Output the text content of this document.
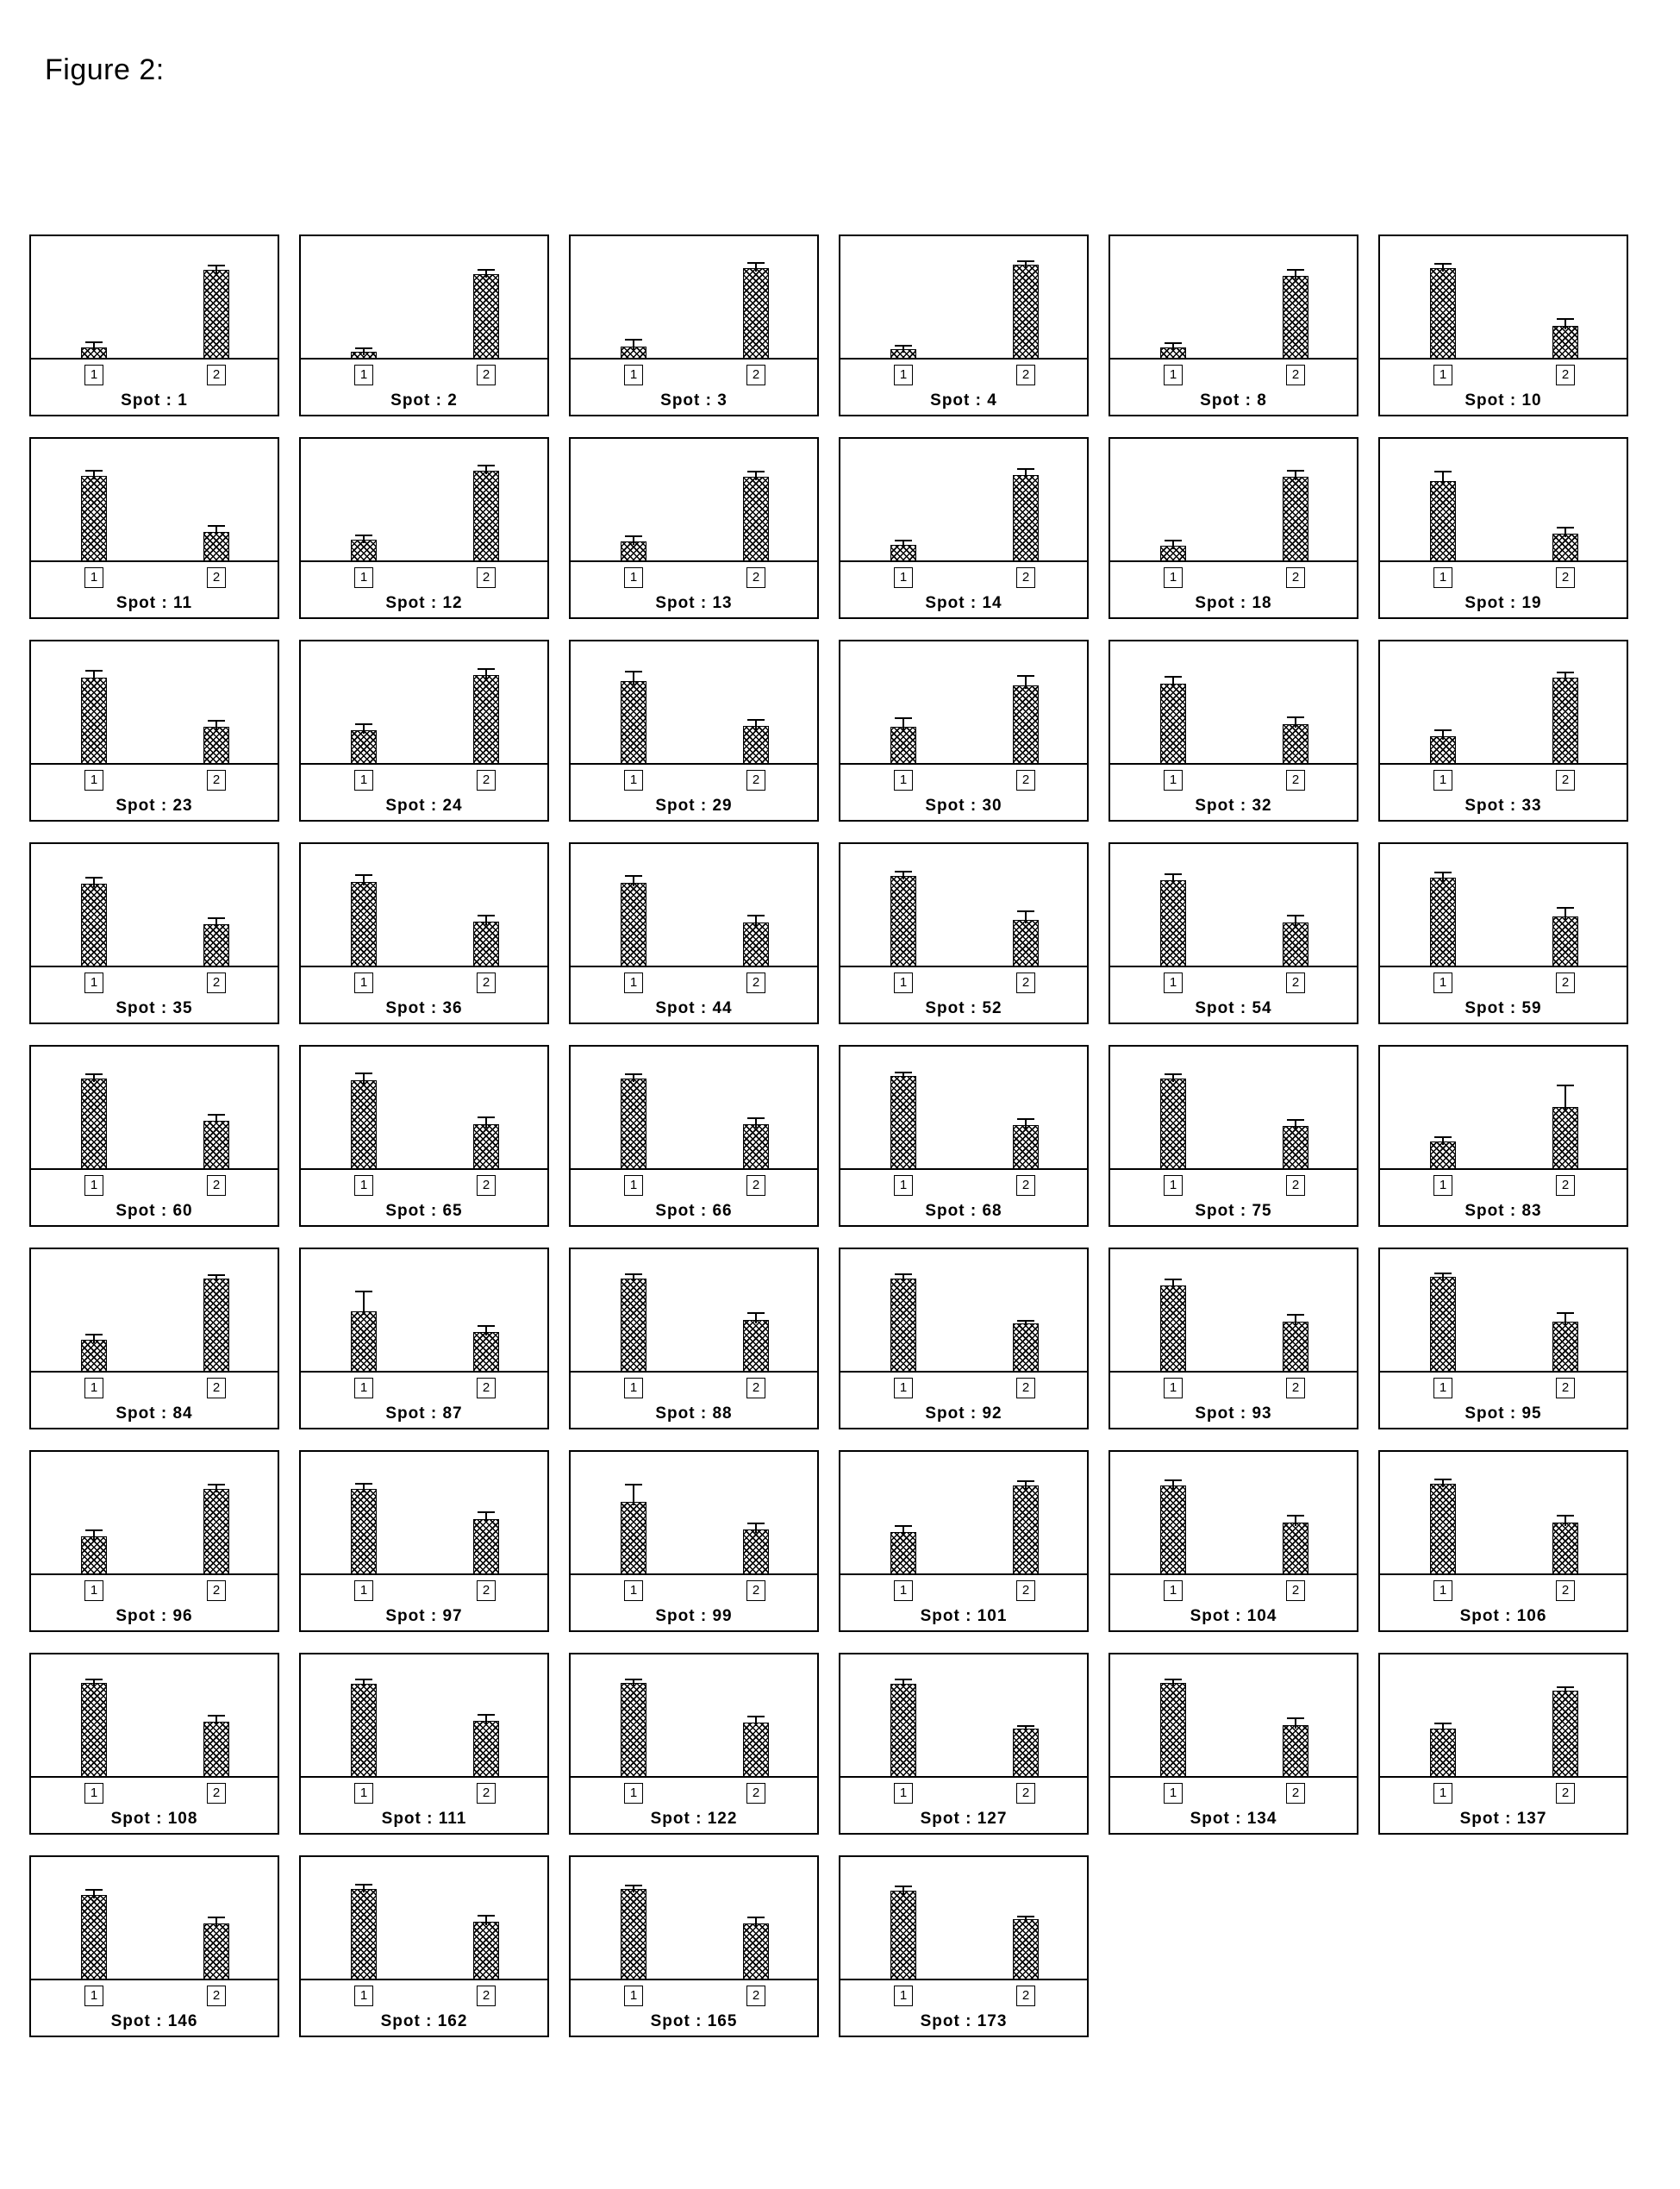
Figure 2:
1	2
Spot : 1
1	2
Spot : 2
1	2
Spot : 3
1	2
Spot : 4
1	2
Spot : 8
1	2
Spot : 10
1	2
Spot : 11
1	2
Spot : 12
1	2
Spot : 13
1	2
Spot : 14
1	2
Spot : 18
1	2
Spot : 19
1	2
Spot : 23
1	2
Spot : 24
1	2
Spot : 29
1	2
Spot : 30
1	2
Spot : 32
1	2
Spot : 33
1	2
Spot : 35
1	2
Spot : 36
1	2
Spot : 44
1	2
Spot : 52
1	2
Spot : 54
1	2
Spot : 59
1	2
Spot : 60
1	2
Spot : 65
1	2
Spot : 66
1	2
Spot : 68
1	2
Spot : 75
1	2
Spot : 83
1	2
Spot : 84
1	2
Spot : 87
1	2
Spot : 88
1	2
Spot : 92
1	2
Spot : 93
1	2
Spot : 95
1	2
Spot : 96
1	2
Spot : 97
1	2
Spot : 99
1	2
Spot : 101
1	2
Spot : 104
1	2
Spot : 106
1	2
Spot : 108
1	2
Spot : 111
1	2
Spot : 122
1	2
Spot : 127
1	2
Spot : 134
1	2
Spot : 137
1	2
Spot : 146
1	2
Spot : 162
1	2
Spot : 165
1	2
Spot : 173
